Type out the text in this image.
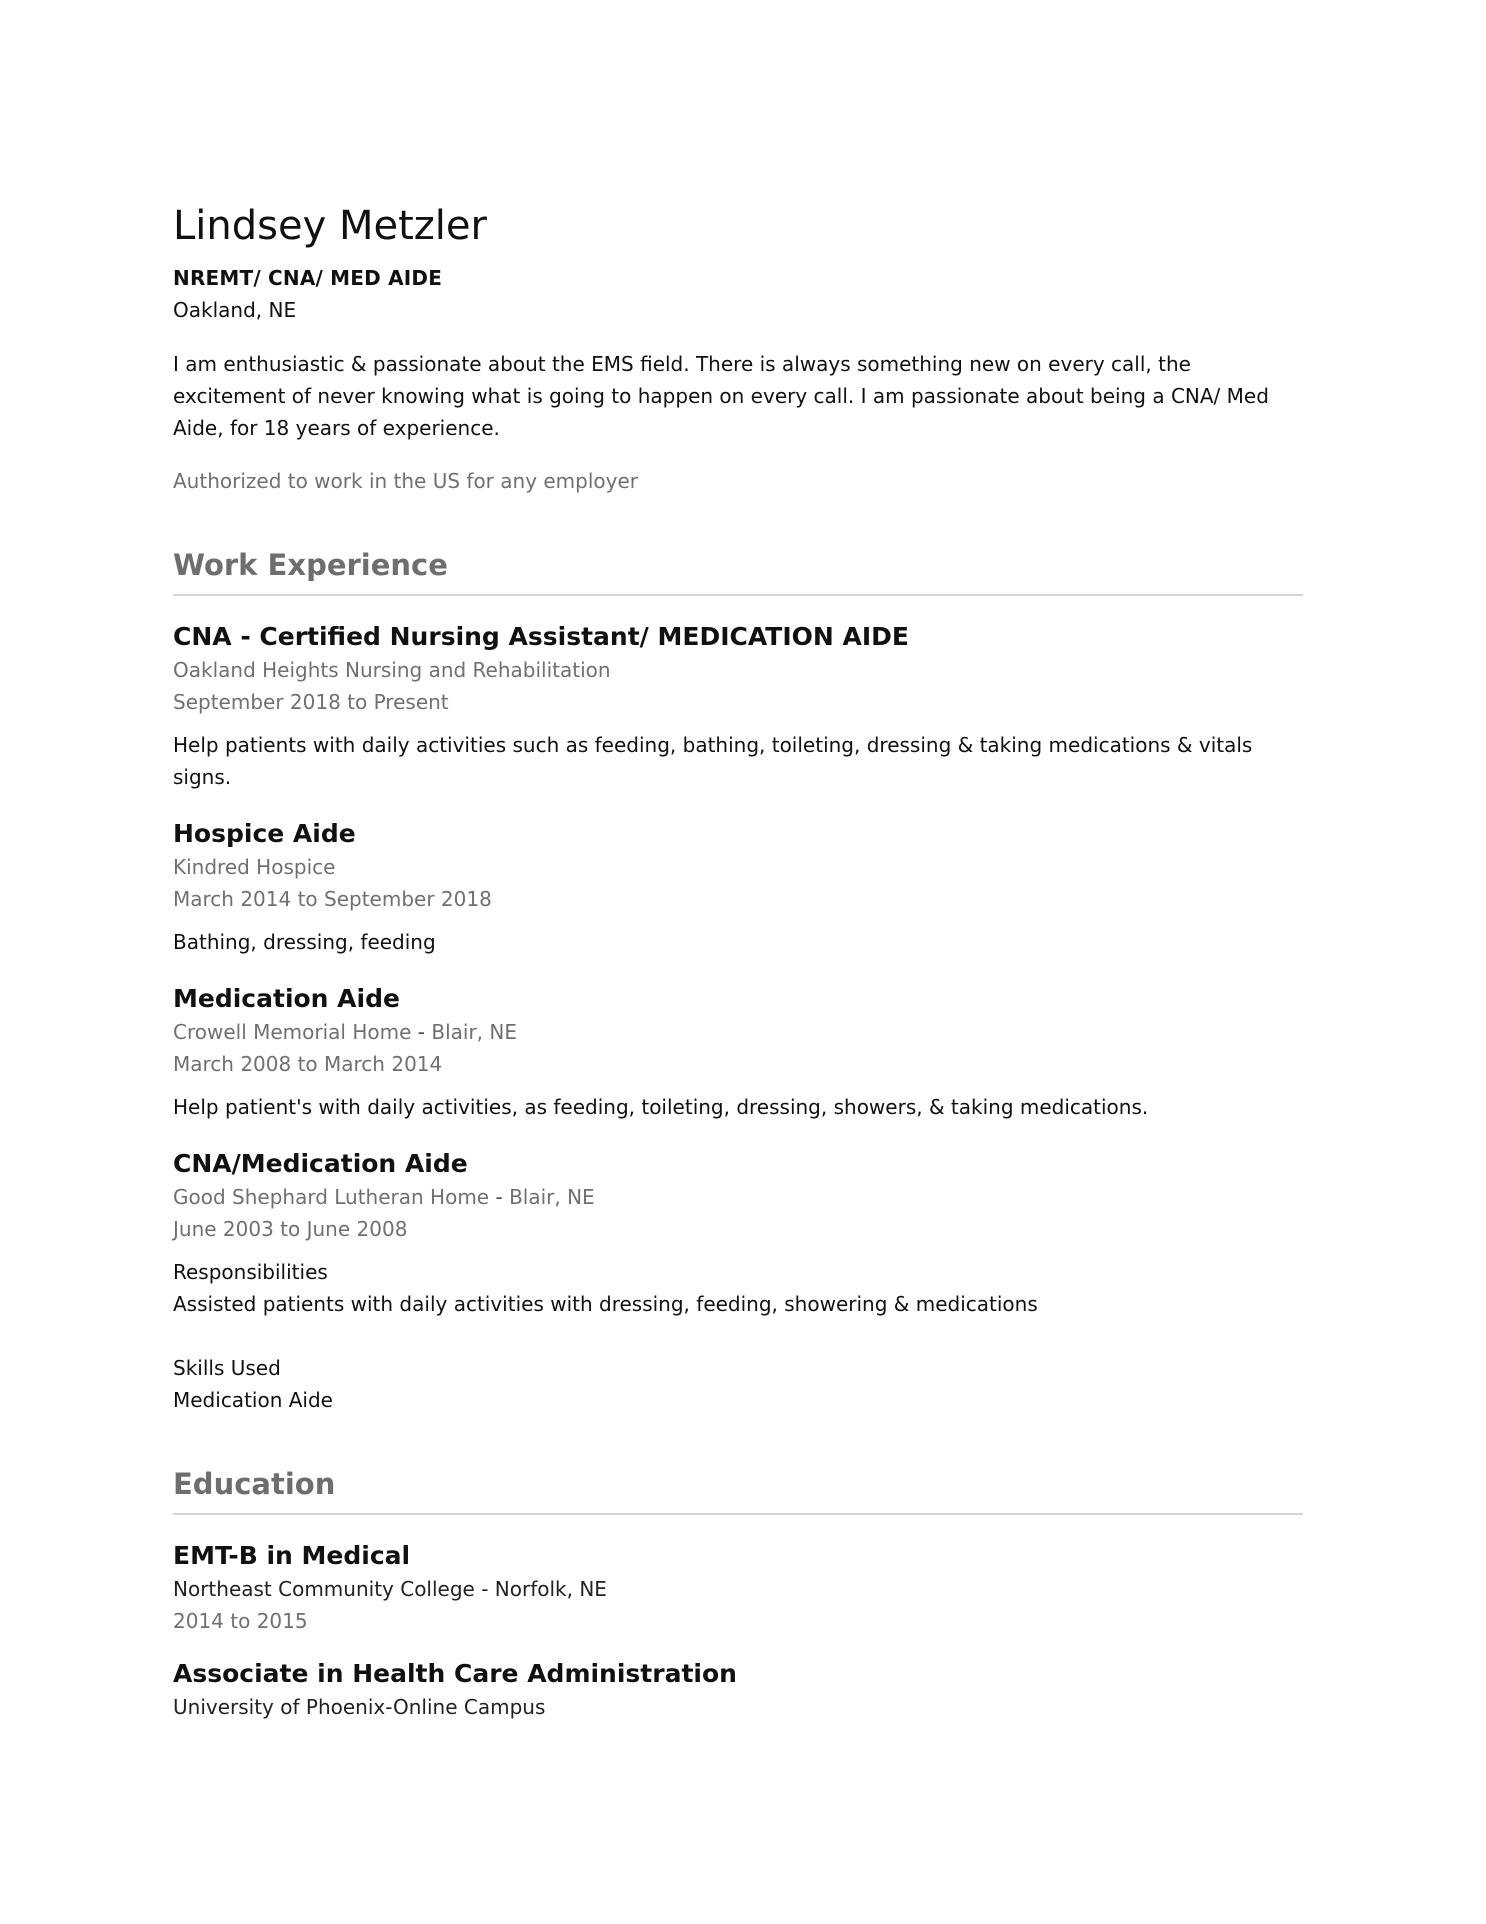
Lindsey Metzler
NREMT/ CNA/ MED AIDE
Oakland, NE
I am enthusiastic & passionate about the EMS field. There is always something new on every call, the excitement of never knowing what is going to happen on every call. I am passionate about being a CNA/ Med Aide, for 18 years of experience.
Authorized to work in the US for any employer
Work Experience
CNA - Certified Nursing Assistant/ MEDICATION AIDE
Oakland Heights Nursing and Rehabilitation
September 2018 to Present
Help patients with daily activities such as feeding, bathing, toileting, dressing & taking medications & vitals signs.
Hospice Aide
Kindred Hospice
March 2014 to September 2018
Bathing, dressing, feeding
Medication Aide
Crowell Memorial Home - Blair, NE
March 2008 to March 2014
Help patient's with daily activities, as feeding, toileting, dressing, showers, & taking medications.
CNA/Medication Aide
Good Shephard Lutheran Home - Blair, NE
June 2003 to June 2008
Responsibilities
Assisted patients with daily activities with dressing, feeding, showering & medications
Skills Used
Medication Aide
Education
EMT-B in Medical
Northeast Community College - Norfolk, NE
2014 to 2015
Associate in Health Care Administration
University of Phoenix-Online Campus
